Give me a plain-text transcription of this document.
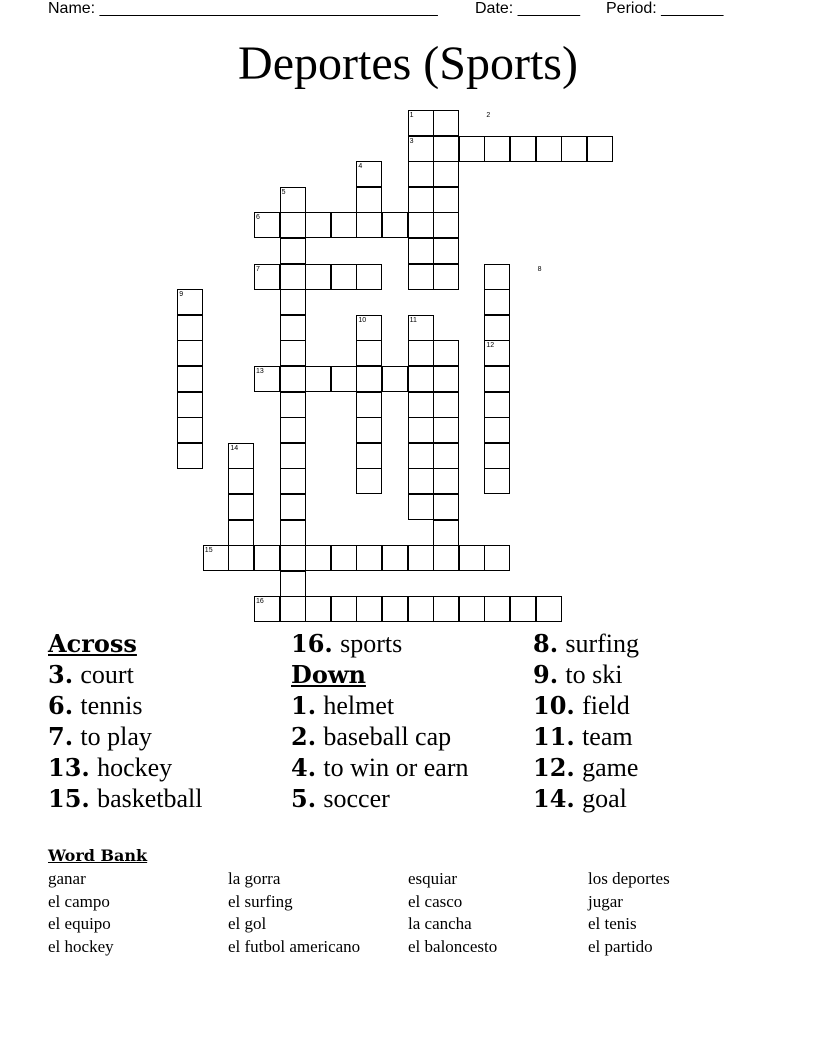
Name: ______________________________________ Date: _______ Period: _______
Deportes (Sports)
1	2
3
4
5
6
7	8
9
10	11
12
13
14
15
16
Across
3. court
6. tennis
7. to play
13. hockey
15. basketball
16. sports
Down
1. helmet
2. baseball cap
4. to win or earn
5. soccer
8. surfing
9. to ski
10. field
11. team
12. game
14. goal
Word Bank
ganar	la gorra	esquiar	los deportes
el campo	el surfing	el casco	jugar
el equipo	el gol	la cancha	el tenis
el hockey	el futbol americano	el baloncesto	el partido
